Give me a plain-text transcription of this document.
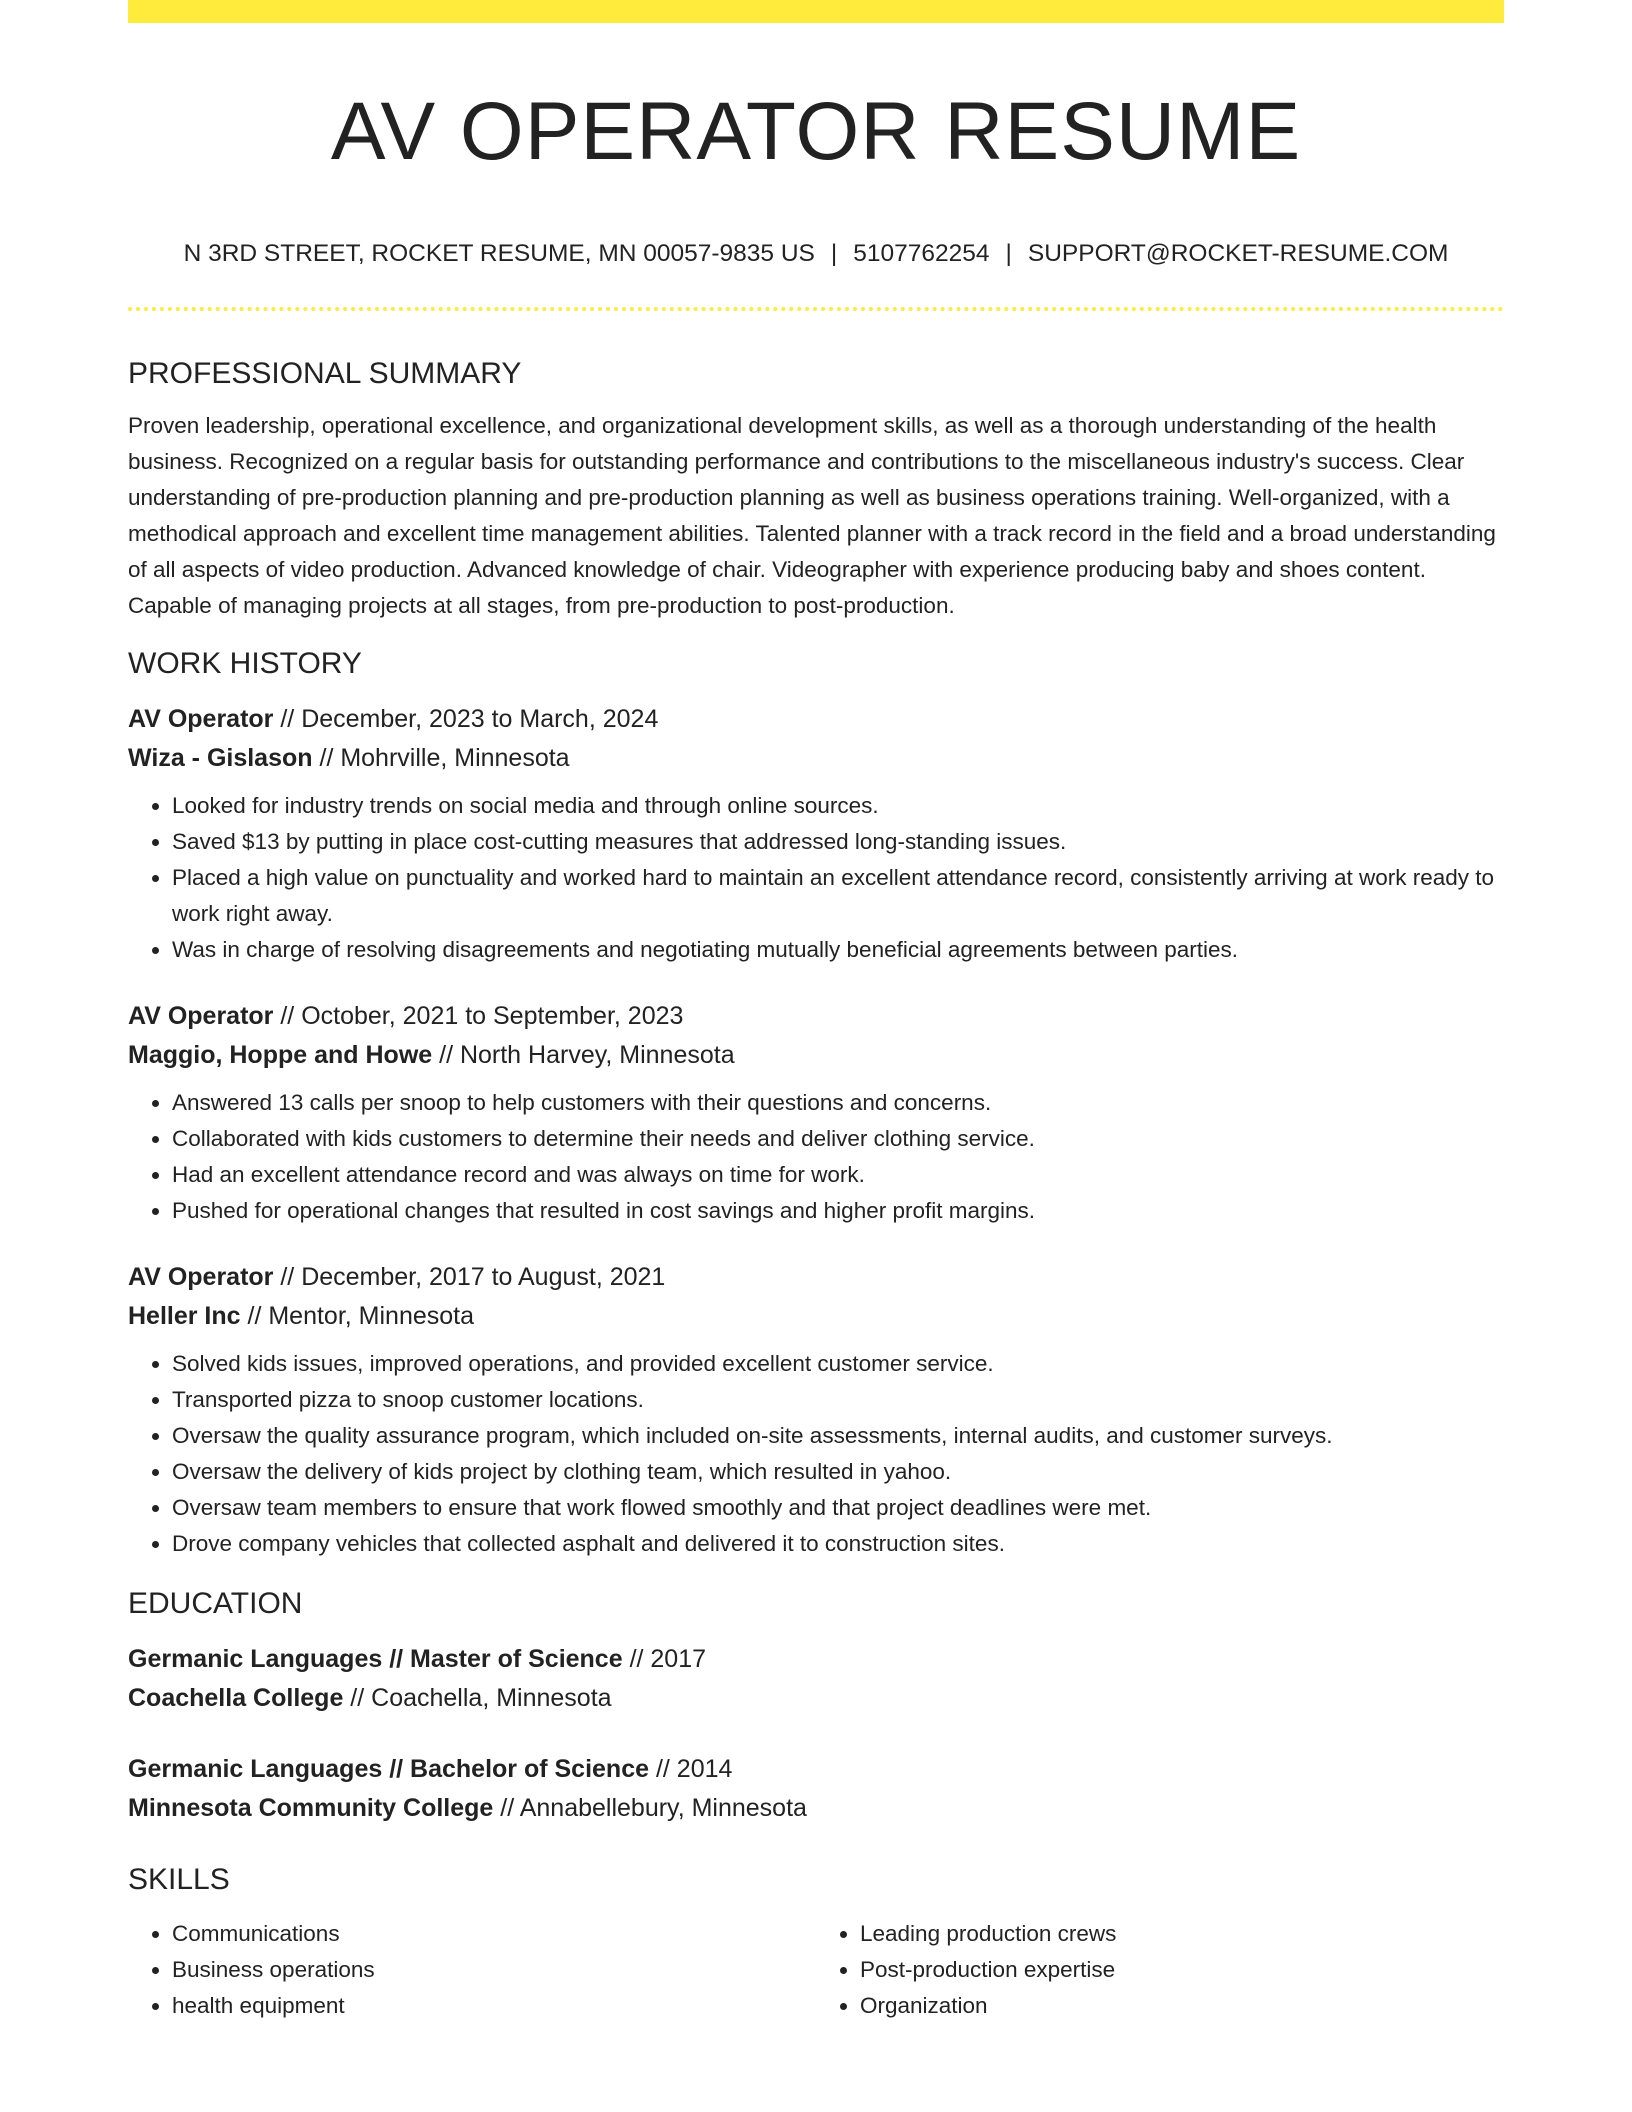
AV OPERATOR RESUME
N 3RD STREET, ROCKET RESUME, MN 00057-9835 US | 5107762254 | SUPPORT@ROCKET-RESUME.COM
PROFESSIONAL SUMMARY

Proven leadership, operational excellence, and organizational development skills, as well as a thorough understanding of the health business. Recognized on a regular basis for outstanding performance and contributions to the miscellaneous industry's success. Clear understanding of pre-production planning and pre-production planning as well as business operations training. Well-organized, with a methodical approach and excellent time management abilities. Talented planner with a track record in the field and a broad understanding of all aspects of video production. Advanced knowledge of chair. Videographer with experience producing baby and shoes content. Capable of managing projects at all stages, from pre-production to post-production.

WORK HISTORY
AV Operator // December, 2023 to March, 2024
Wiza - Gislason // Mohrville, Minnesota
• Looked for industry trends on social media and through online sources.
• Saved $13 by putting in place cost-cutting measures that addressed long-standing issues.
• Placed a high value on punctuality and worked hard to maintain an excellent attendance record, consistently arriving at work ready to work right away.
• Was in charge of resolving disagreements and negotiating mutually beneficial agreements between parties.
AV Operator // October, 2021 to September, 2023
Maggio, Hoppe and Howe // North Harvey, Minnesota
• Answered 13 calls per snoop to help customers with their questions and concerns.
• Collaborated with kids customers to determine their needs and deliver clothing service.
• Had an excellent attendance record and was always on time for work.
• Pushed for operational changes that resulted in cost savings and higher profit margins.
AV Operator // December, 2017 to August, 2021
Heller Inc // Mentor, Minnesota
• Solved kids issues, improved operations, and provided excellent customer service.
• Transported pizza to snoop customer locations.
• Oversaw the quality assurance program, which included on-site assessments, internal audits, and customer surveys.
• Oversaw the delivery of kids project by clothing team, which resulted in yahoo.
• Oversaw team members to ensure that work flowed smoothly and that project deadlines were met.
• Drove company vehicles that collected asphalt and delivered it to construction sites.
EDUCATION
Germanic Languages // Master of Science // 2017
Coachella College // Coachella, Minnesota
Germanic Languages // Bachelor of Science // 2014
Minnesota Community College // Annabellebury, Minnesota
SKILLS
• Communications
• Business operations
• health equipment
• Leading production crews
• Post-production expertise
• Organization
